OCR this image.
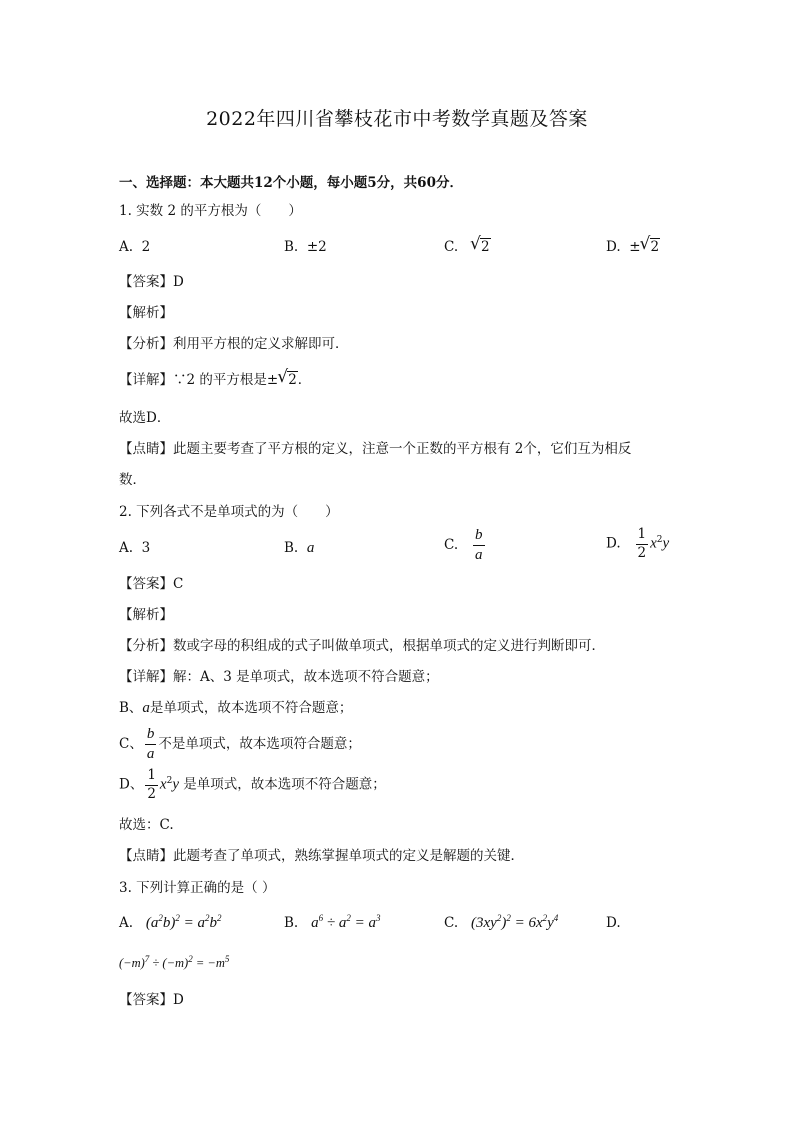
2022年四川省攀枝花市中考数学真题及答案
一、选择题：本大题共12个小题，每小题5分，共60分．
1. 实数 2 的平方根为（　　）
A. 2	B. ±2	C. √ 2	D. ± √ 2
【答案】D
【解析】
【分析】利用平方根的定义求解即可．
【详解】∵2 的平方根是± √ 2．
故选D．
【点睛】此题主要考查了平方根的定义，注意一个正数的平方根有 2个，它们互为相反
数．
2. 下列各式不是单项式的为（　　）
A. 3	B. a	C. $\frac{b}{a}$	D. $\frac{1}{2} x^2y$
【答案】C
【解析】
【分析】数或字母的积组成的式子叫做单项式，根据单项式的定义进行判断即可．
【详解】解：A、3 是单项式，故本选项不符合题意；
B、a是单项式，故本选项不符合题意；
C、 $\frac{b}{a}$ 不是单项式，故本选项符合题意；
D、 $\frac{1}{2} x^2y$ 是单项式，故本选项不符合题意；
故选：C.
【点睛】此题考查了单项式，熟练掌握单项式的定义是解题的关键．
3. 下列计算正确的是（ ）
A. $(a^2b)^2 = a^2b^2$	B. $a^6 \div a^2 = a^3$	C. $(3xy^2)^2 = 6x^2y^4$	D.
$(-m)^7 \div (-m)^2 = -m^5$
【答案】D
